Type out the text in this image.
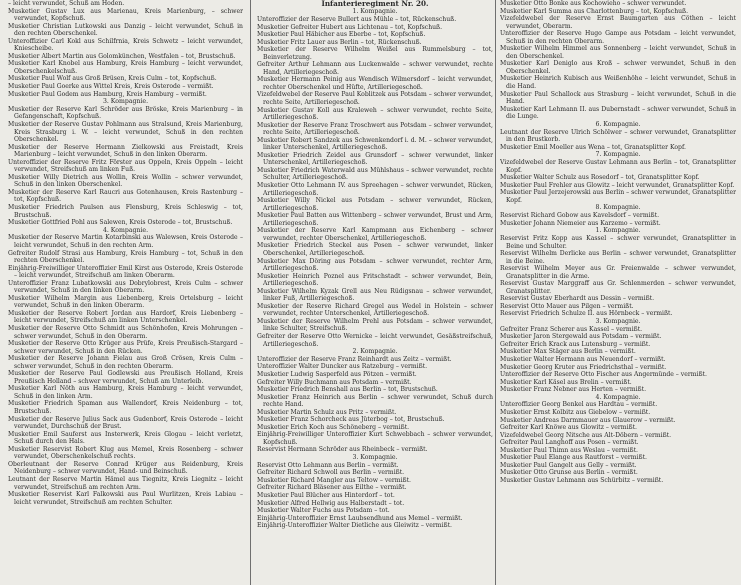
– leicht verwundet, Schuß am Hoden.

Musketier Gustav Lux aus Marienau, Kreis Marienburg, – schwer verwundet, Kopfschuß.

Musketier Christian Lutkowski aus Danzig – leicht verwundet, Schuß in den rechten Oberschenkel.

Unteroffizier Carl Kokl aus Schilfrnia, Kreis Schwetz – leicht verwundet, Kniescheibe.

Musketier Albert Martin aus Golomkünchen, Westfalen – tot, Brustschuß.

Musketier Karl Knobel aus Hamburg, Kreis Hamburg – leicht verwundet, Oberschenkelschuß.

Musketier Paul Wolf aus Groß Brüsen, Kreis Culm – tot, Kopfschuß.

Musketier Paul Goerke aus Wittel Kreis, Kreis Osterode – vermißt.

Musketier Paul Godem aus Hamburg, Kreis Hamburg – vermißt.

3. Kompagnie.

Musketier der Reserve Karl Schröder aus Bröske, Kreis Marienburg – in Gefangenschaft, Kopfschuß.

Musketier der Reserve Gustav Pohlmann aus Stralsund, Kreis Marienburg, Kreis Strasburg i. W. – leicht verwundet, Schuß in den rechten Oberschenkel.

Musketier der Reserve Hermann Zielkowski aus Freistadt, Kreis Marienburg – leicht verwundet, Schuß in den linken Oberarm.

Unteroffizier der Reserve Fritz Förster aus Oppeln, Kreis Oppeln – leicht verwundet, Streifschuß am linken Fuß.

Musketier Willy Dietrich aus Wollin, Kreis Wollin – schwer verwundet, Schuß in den linken Oberschenkel.

Musketier der Reserve Karl Raucri aus Gotenhausen, Kreis Rastenburg – tot, Kopfschuß.

Musketier Friedrich Paulsen aus Flensburg, Kreis Schleswig – tot, Brustschuß.

Musketier Gottfried Pohl aus Salewen, Kreis Osterode – tot, Brustschuß.

4. Kompagnie.

Musketier der Reserve Martin Kotarbinski aus Walewsen, Kreis Osterode – leicht verwundet, Schuß in den rechten Arm.

Gefreiter Rudolf Strasi aus Hamburg, Kreis Hamburg – tot, Schuß in den rechten Oberschenkel.

Einjährig-Freiwilliger Unteroffizier Emil Kirst aus Osterode, Kreis Osterode – leicht verwundet, Streifschuß am linken Oberarm.

Unteroffizier Franz Lubatkowski aus Dobrylobrest, Kreis Culm – schwer verwundet, Schuß in den linken Oberarm.

Musketier Wilhelm Margin aus Liebenberg, Kreis Ortelsburg – leicht verwundet, Schuß in den linken Oberarm.

Musketier der Reserve Robert Jordan aus Hardorf, Kreis Liebenberg – leicht verwundet, Streifschuß am linken Unterschenkel.

Musketier der Reserve Otto Schmidt aus Schönhofen, Kreis Mohrungen – schwer verwundet, Schuß in den Oberarm.

Musketier der Reserve Otto Krüger aus Prüfe, Kreis Preußisch-Stargard – schwer verwundet, Schuß in den Rücken.

Musketier der Reserve Johann Fielau aus Groß Crösen, Kreis Culm – schwer verwundet, Schuß in den rechten Oberarm.

Musketier der Reserve Paul Godlewski aus Preußisch Holland, Kreis Preußisch Holland – schwer verwundet, Schuß am Unterleib.

Musketier Karl Nöth aus Hamburg, Kreis Hamburg – leicht verwundet, Schuß in den linken Arm.

Musketier Friedrich Spaman aus Wallendorf, Kreis Neidenburg – tot, Brustschuß.

Musketier der Reserve Julius Sack aus Gudenborf, Kreis Osterode – leicht verwundet, Durchschuß der Brust.

Musketier Emil Sauferst aus Insterwerk, Kreis Glogau – leicht verletzt, Schuß durch den Hals.

Musketier Reservist Robert Klug aus Memel, Kreis Rosenberg – schwer verwundet, Oberschenkelschuß rechts.

Oberleutnant der Reserve Conrad Krüger aus Reidenburg, Kreis Neidenburg – schwer verwundet, Hand- und Beinschuß.

Leutnant der Reserve Martin Hämel aus Tiegnitz, Kreis Liegnitz – leicht verwundet, Streifschuß am rechten Arm.

Musketier Reservist Karl Falkowski aus Paul Wurlitzen, Kreis Labiau – leicht verwundet, Streifschuß am rechten Schulter.

Infanterieregiment Nr. 20.

1. Kompagnie.

Unteroffizier der Reserve Bullert aus Mühle – tot, Rückenschuß.

Musketier Gefreiter Hubert aus Lichtenau – tot, Kopfschuß.

Musketier Paul Häbicher aus Eberbe – tot, Kopfschuß.

Musketier Fritz Lauer aus Berlin – tot, Rückenschuß.

Musketier der Reserve Wilhelm Weißel aus Rummelsburg – tot, Beinverletzung.

Gefreiter Arthur Lehmann aus Luckenwalde – schwer verwundet, rechte Hand, Artilleriegeschoß.

Musketier Hermann Peinig aus Wendisch Wilmersdorf – leicht verwundet, rechter Oberschenkel und Hüfte, Artilleriegeschoß.

Vizefeldwebel der Reserve Paul Koblitzek aus Potsdam – schwer verwundet, rechte Seite, Artilleriegeschoß.

Musketier Gustav Koll aus Kraleweh – schwer verwundet, rechte Seite, Artilleriegeschoß.

Musketier der Reserve Franz Troschwert aus Potsdam – schwer verwundet, rechte Seite, Artilleriegeschoß.

Musketier Robert Sandzek aus Schwenkendorf i. d. M. – schwer verwundet, linker Unterschenkel, Artilleriegeschoß.

Musketier Friedrich Zeidel aus Grunsdorf – schwer verwundet, linker Unterschenkel, Artilleriegeschoß.

Musketier Friedrich Waterwald aus Mühlshaus – schwer verwundet, rechte Schulter, Artilleriegeschoß.

Musketier Otto Lehmann IV. aus Spreehagen – schwer verwundet, Rücken, Artilleriegeschoß.

Musketier Willy Nickel aus Potsdam – schwer verwundet, Rücken, Artilleriegeschoß.

Musketier Paul Batten aus Wittenberg – schwer verwundet, Brust und Arm, Artilleriegeschoß.

Musketier der Reserve Karl Kampmann aus Eichenberg – schwer verwundet, rechter Oberschenkel, Artilleriegeschoß.

Musketier Friedrich Steckel aus Posen – schwer verwundet, linker Oberschenkel, Artilleriegeschoß.

Musketier Max Döring aus Potsdam – schwer verwundet, rechter Arm, Artilleriegeschoß.

Musketier Heinrich Poznel aus Fritschstadt – schwer verwundet, Bein, Artilleriegeschoß.

Musketier Wilhelm Kyzak Grell aus Neu Rüdigsnau – schwer verwundet, linker Fuß, Artilleriegeschoß.

Musketier der Reserve Richard Gregel aus Wedel in Holstein – schwer verwundet, rechter Unterschenkel, Artilleriegeschoß.

Musketier der Reserve Wilhelm Prehl aus Potsdam – schwer verwundet, linke Schulter, Streifschuß.

Gefreiter der Reserve Otto Wernicke – leicht verwundet, Gesäßstreifschuß, Artilleriegeschoß.

2. Kompagnie.

Unteroffizier der Reserve Franz Reinhardt aus Zeitz – vermißt.

Unteroffizier Walter Duncker aus Ratzeburg – vermißt.

Musketier Ludwig Sasperfeld aus Pötzen – vermißt.

Gefreiter Willy Buchmann aus Potsdam – vermißt.

Musketier Friedrich Benshall aus Berlin – tot, Brustschuß.

Musketier Franz Heinrich aus Berlin – schwer verwundet, Schuß durch rechte Hand.

Musketier Martin Schulz aus Pritz – vermißt.

Musketier Franz Schorcheck aus Jüterbog – tot, Brustschuß.

Musketier Erich Koch aus Schöneberg – vermißt.

Einjährig-Freiwilliger Unteroffizier Kurt Schwebbach – schwer verwundet, Kopfschuß.

Reservist Hermann Schröder aus Rheinbeck – vermißt.

3. Kompagnie.

Reservist Otto Lehmann aus Berlin – vermißt.

Gefreiter Richard Schwoll aus Berlin – vermißt.

Musketier Richard Mangler aus Teltow – vermißt.

Gefreiter Richard Bläsener aus Eilthe – vermißt.

Musketier Paul Blücher aus Hinterdorf – tot.

Musketier Alfred Hellwig aus Halberstadt – tot.

Musketier Walter Fuchs aus Potsdam – tot.

Einjährig-Unteroffizier Ernst Laubsendhund aus Memel – vermißt.

Einjährig-Unteroffizier Walter Dietliche aus Gleiwitz – vermißt.

Musketier Otto Bonke aus Kochowieho – schwer verwundet.

Musketier Karl Summa aus Charlottenburg – tot, Kopfschuß.

Vizefeldwebel der Reserve Ernst Baumgarten aus Cöthen – leicht verwundet, Oberarm.

Unteroffizier der Reserve Hugo Gampe aus Potsdam – leicht verwundet, Schuß in den rechten Oberarm.

Musketier Wilhelm Himmel aus Sonnenberg – leicht verwundet, Schuß in den Oberschenkel.

Musketier Karl Deniglo aus Kroß – schwer verwundet, Schuß in den Oberschenkel.

Musketier Heinrich Kubisch aus Weißenhöhe – leicht verwundet, Schuß in die Hand.

Musketier Paul Schallock aus Strasburg – leicht verwundet, Schuß in die Hand.

Musketier Karl Lehmann II. aus Dubernstadt – schwer verwundet, Schuß in die Lunge.

6. Kompagnie.

Leutnant der Reserve Ulrich Schölwer – schwer verwundet, Granatsplitter in den Brustkorb.

Musketier Emil Moeller aus Wena – tot, Granatsplitter Kopf.

7. Kompagnie.

Vizefeldwebel der Reserve Gustav Lehmann aus Berlin – tot, Granatsplitter Kopf.

Musketier Walter Schulz aus Rosedorf – tot, Granatsplitter Kopf.

Musketier Paul Frehler aus Glowitz – leicht verwundet, Granatsplitter Kopf.

Musketier Paul Jerzejerowski aus Berlin – schwer verwundet, Granatsplitter Kopf.

8. Kompagnie.

Reservist Richard Gobow aus Kavelsdorf – vermißt.

Musketier Johann Niemeier aus Karzemo – vermißt.

1. Kompagnie.

Reservist Fritz Kopp aus Kassel – schwer verwundet, Granatsplitter in Beine und Schulter.

Reservist Wilhelm Derlicke aus Berlin – schwer verwundet, Granatsplitter in die Beine.

Reservist Wilhelm Meyer aus Gr. Freienwalde – schwer verwundet, Granatsplitter in die Arme.

Reservist Gustav Marggraff aus Gr. Schlenmerden – schwer verwundet, Granatsplitter.

Reservist Gustav Eberhardt aus Dessin – vermißt.

Reservist Otto Mauer aus Pilgen – vermißt.

Reservist Friedrich Schulze II. aus Hörnbeck – vermißt.

3. Kompagnie.

Gefreiter Franz Scherer aus Kassel – vermißt.

Musketier Jaron Stergewald aus Potsdam – vermißt.

Gefreiter Erich Krack aus Lutensburg – vermißt.

Musketier Max Stäger aus Berlin – vermißt.

Musketier Walter Hermann aus Neuendorf – vermißt.

Musketier Georg Kruter aus Friedrichsthal – vermißt.

Unteroffizier der Reserve Otto Fischer aus Angermünde – vermißt.

Musketier Karl Käsel aus Brelin – vermißt.

Musketier Franz Nebner aus Herten – vermißt.

4. Kompagnie.

Unteroffizier Georg Benkel aus Hardtau – vermißt.

Musketier Ernst Kolbitz aus Giebelow – vermißt.

Musketier Andreas Darmmauer aus Glauerow – vermißt.

Gefreiter Karl Knöwe aus Glowitz – vermißt.

Vizefeldwebel Georg Nitsche aus Alt-Döbern – vermißt.

Gefreiter Paul Langhoff aus Posen – vermißt.

Musketier Paul Thimn aus Weslau – vermißt.

Musketier Paul Elange aus Rautforst – vermißt.

Musketier Paul Gangelt aus Gelly – vermißt.

Musketier Otto Grunse aus Berlin – vermißt.

Musketier Gustav Lehmann aus Schürbitz – vermißt.
